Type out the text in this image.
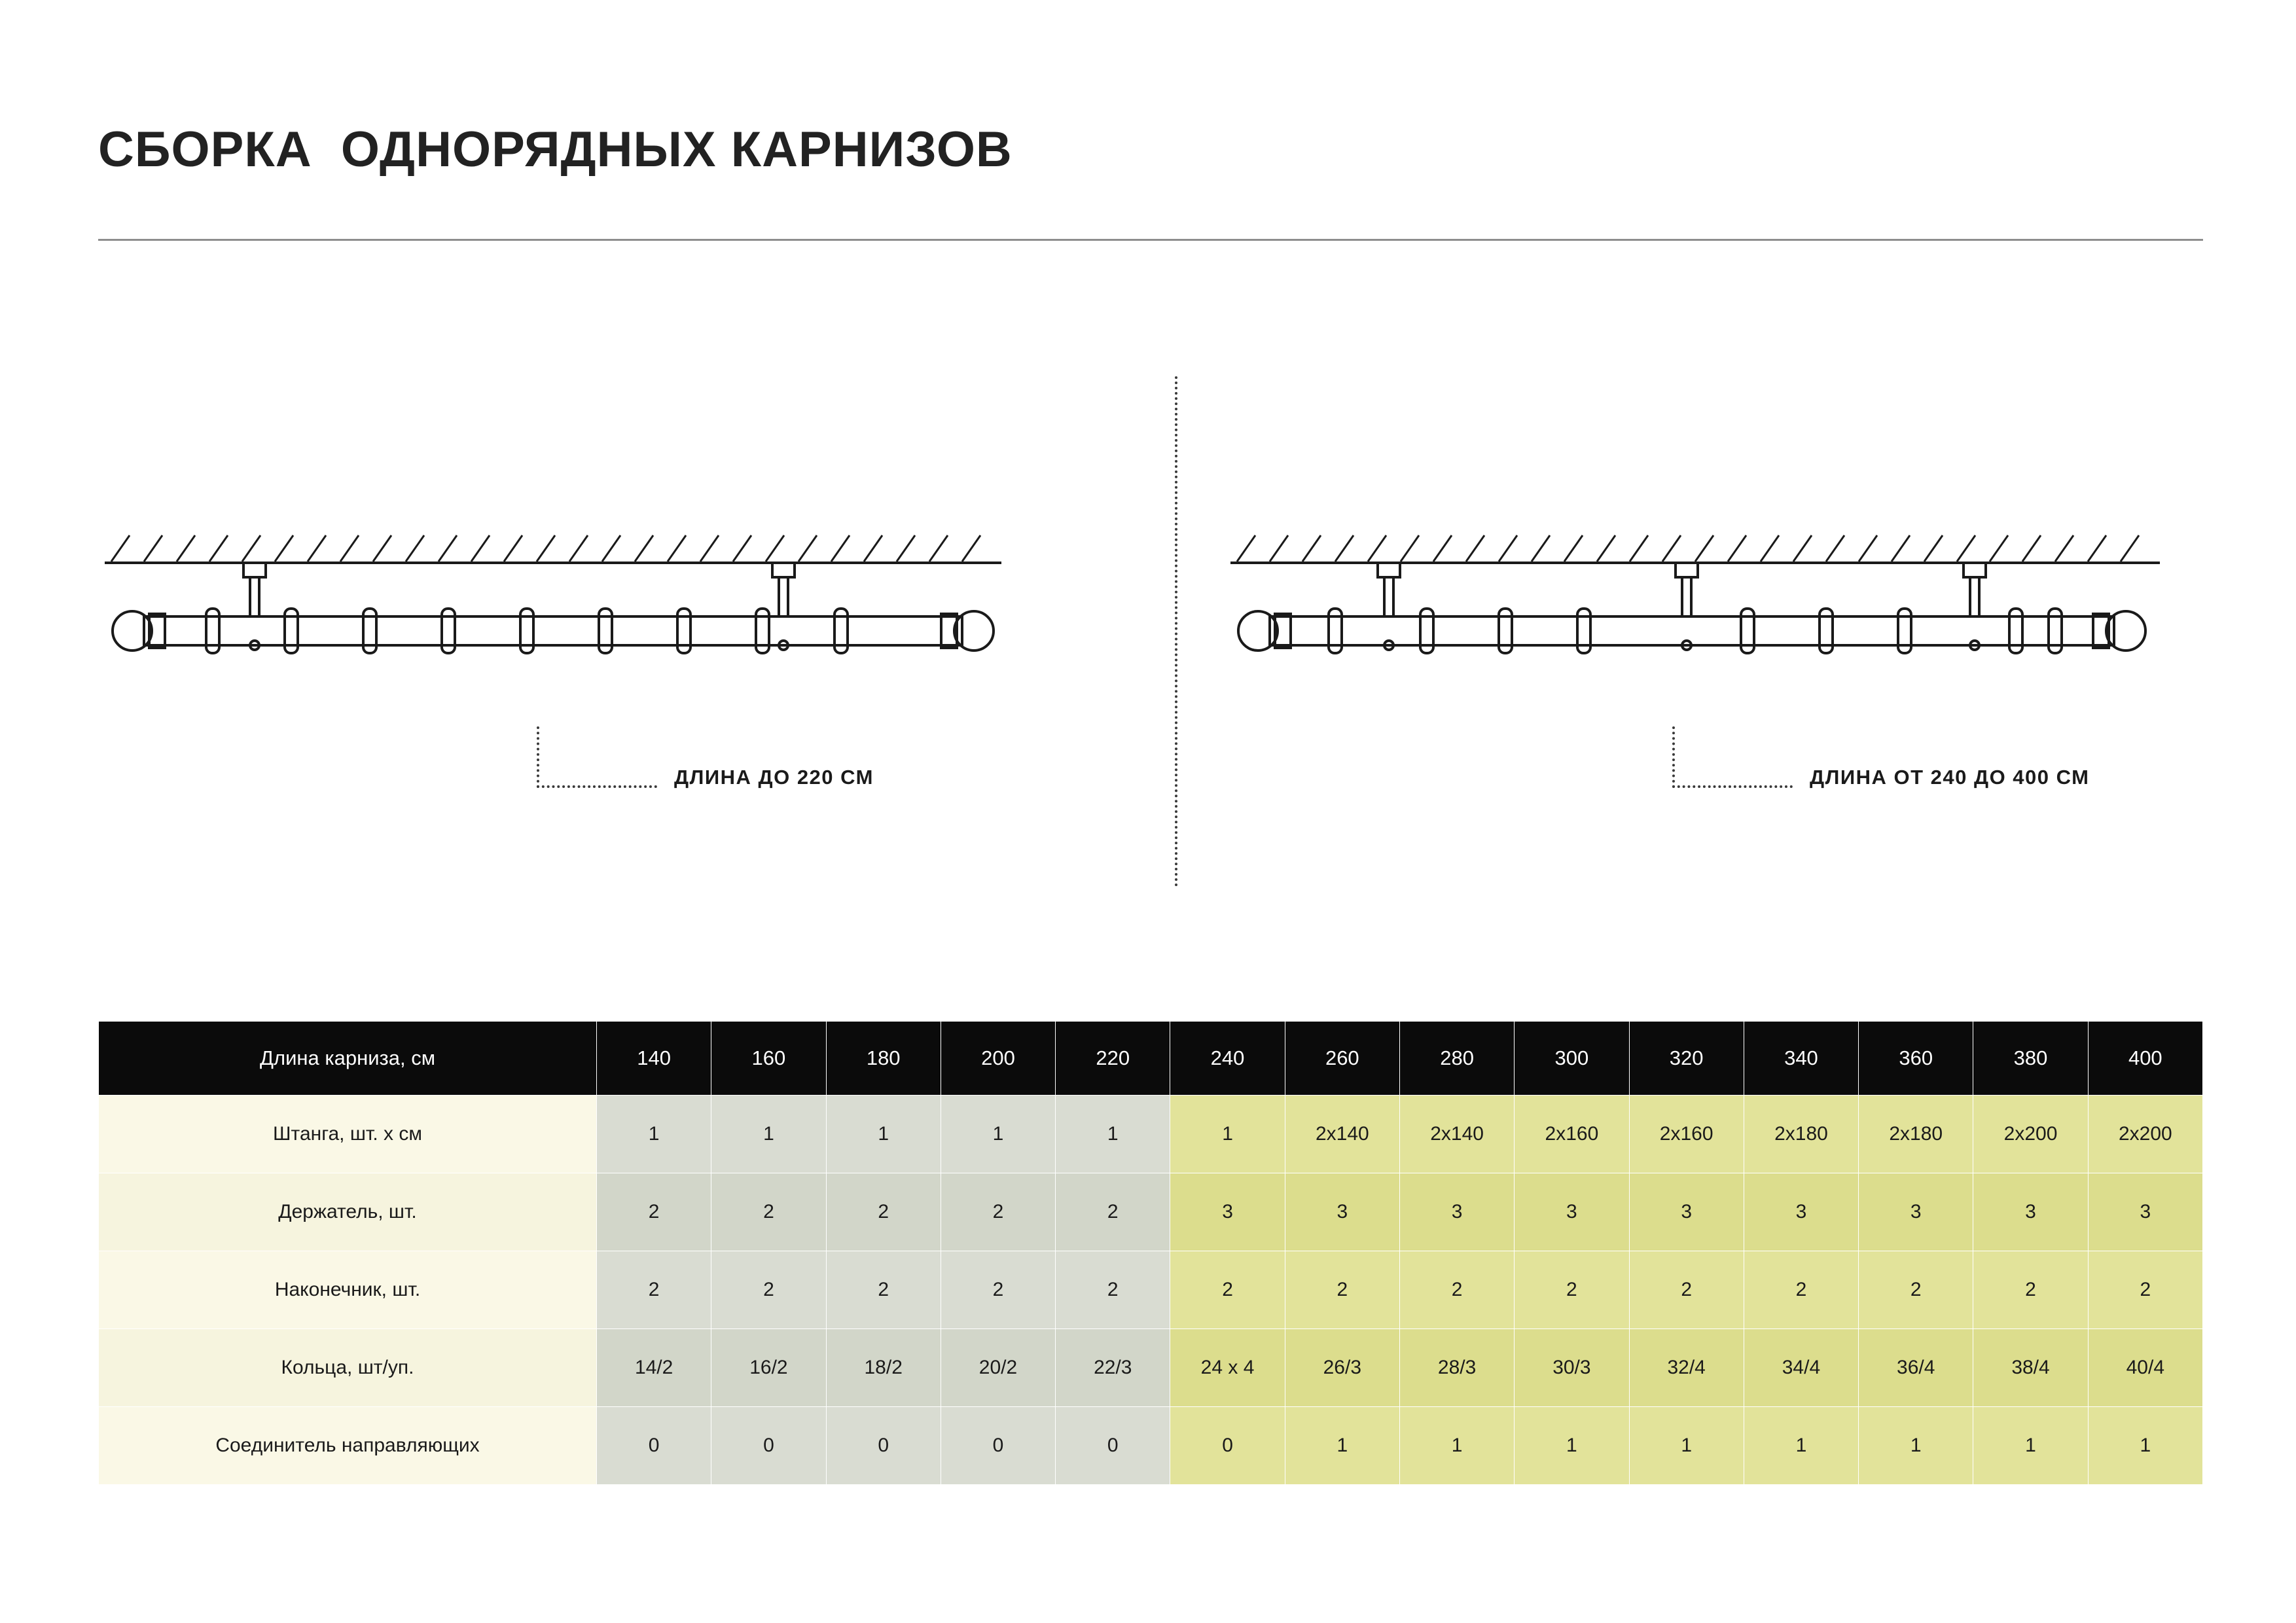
СБОРКА  ОДНОРЯДНЫХ КАРНИЗОВ
ДЛИНА ДО 220 СМ	ДЛИНА ОТ 240 ДО 400 СМ
Длина карниза, см	140	160	180	200	220	240	260	280	300	320	340	360	380	400
Штанга, шт. х см	1	1	1	1	1	1	2х140	2х140	2х160	2х160	2х180	2х180	2х200	2х200
Держатель, шт.	2	2	2	2	2	3	3	3	3	3	3	3	3	3
Наконечник, шт.	2	2	2	2	2	2	2	2	2	2	2	2	2	2
Кольца, шт/уп.	14/2	16/2	18/2	20/2	22/3	24 х 4	26/3	28/3	30/3	32/4	34/4	36/4	38/4	40/4
Соединитель направляющих	0	0	0	0	0	0	1	1	1	1	1	1	1	1
